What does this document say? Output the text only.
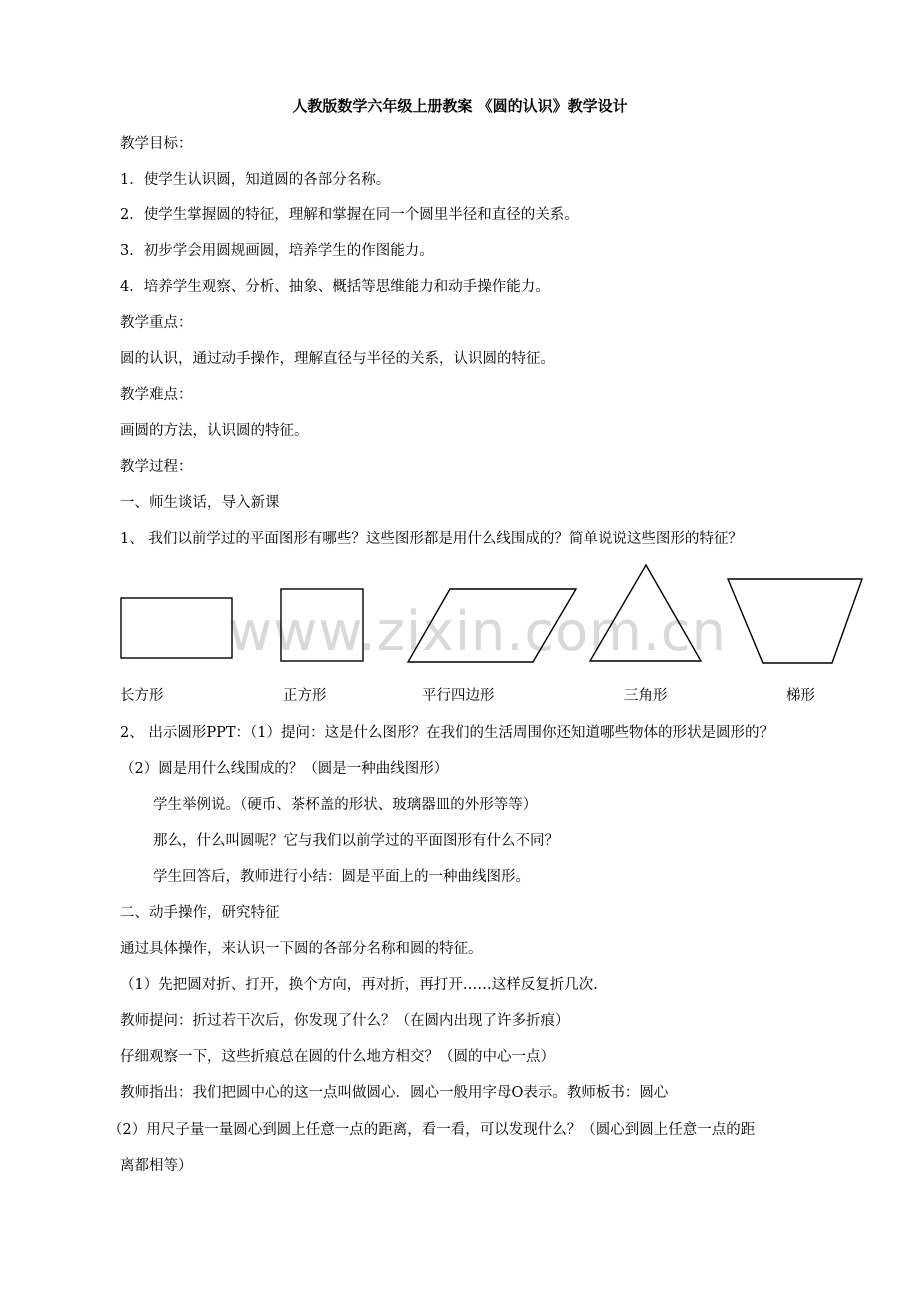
人教版数学六年级上册教案 《圆的认识》教学设计
www.zixin.com.cn
教学目标：
1．使学生认识圆，知道圆的各部分名称。
2．使学生掌握圆的特征，理解和掌握在同一个圆里半径和直径的关系。
3．初步学会用圆规画圆，培养学生的作图能力。
4．培养学生观察、分析、抽象、概括等思维能力和动手操作能力。
教学重点：
圆的认识，通过动手操作，理解直径与半径的关系，认识圆的特征。
教学难点：
画圆的方法，认识圆的特征。
教学过程：
一、师生谈话，导入新课
1、 我们以前学过的平面图形有哪些？这些图形都是用什么线围成的？简单说说这些图形的特征？
长方形	正方形	平行四边形	三角形	梯形
2、 出示圆形PPT：（1）提问：这是什么图形？在我们的生活周围你还知道哪些物体的形状是圆形的？
（2）圆是用什么线围成的？（圆是一种曲线图形）
学生举例说。（硬币、茶杯盖的形状、玻璃器皿的外形等等）
那么，什么叫圆呢？它与我们以前学过的平面图形有什么不同？
学生回答后，教师进行小结：圆是平面上的一种曲线图形。
二、动手操作，研究特征
通过具体操作，来认识一下圆的各部分名称和圆的特征。
（1）先把圆对折、打开，换个方向，再对折，再打开……这样反复折几次.
教师提问：折过若干次后，你发现了什么？（在圆内出现了许多折痕）
仔细观察一下，这些折痕总在圆的什么地方相交？（圆的中心一点）
教师指出：我们把圆中心的这一点叫做圆心．圆心一般用字母O表示。教师板书：圆心
（2）用尺子量一量圆心到圆上任意一点的距离，看一看，可以发现什么？（圆心到圆上任意一点的距
离都相等）
